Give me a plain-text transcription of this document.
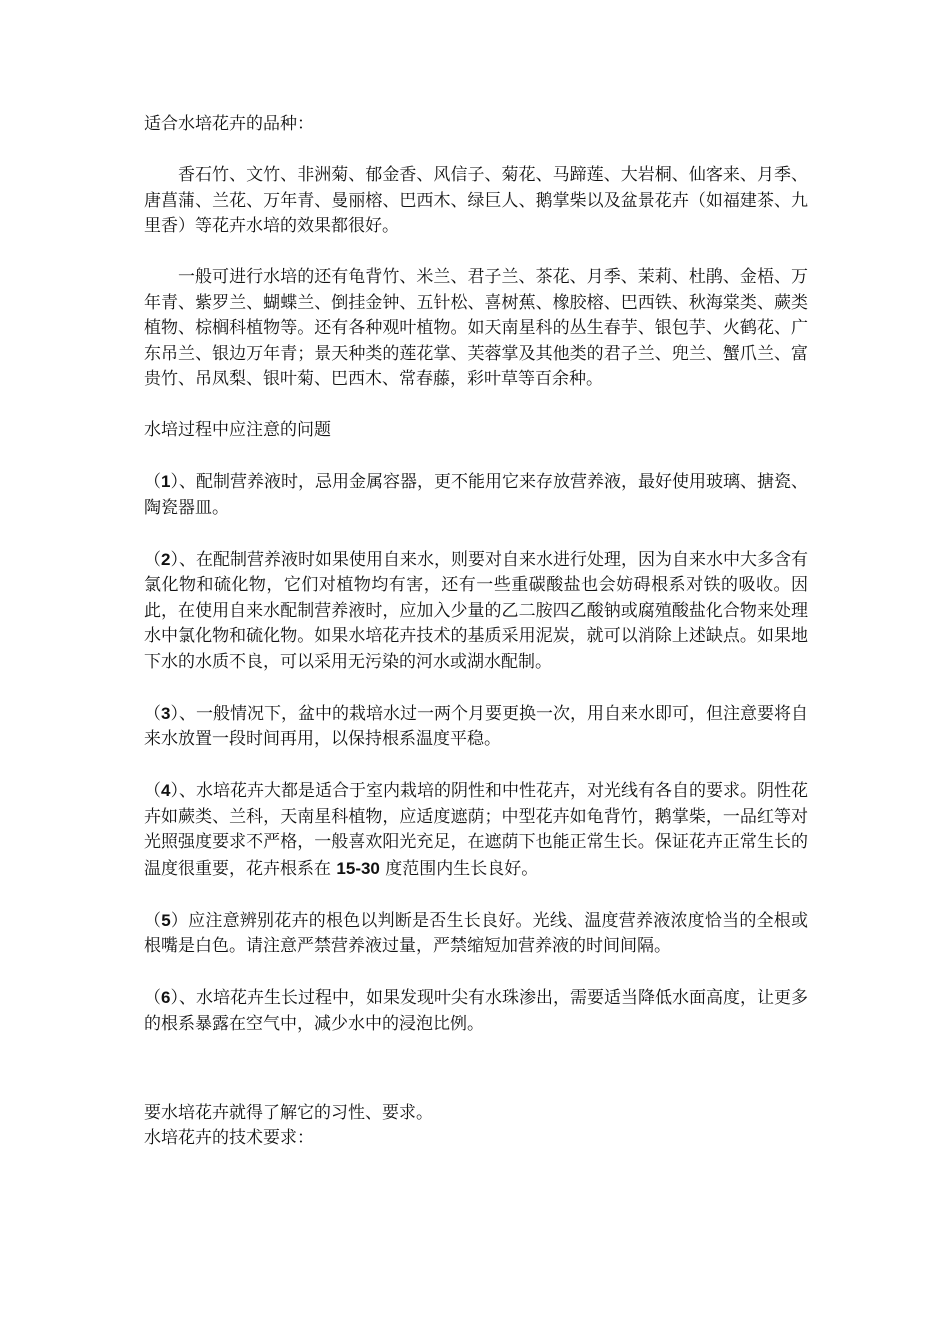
适合水培花卉的品种：

香石竹、文竹、非洲菊、郁金香、风信子、菊花、马蹄莲、大岩桐、仙客来、月季、唐菖蒲、兰花、万年青、曼丽榕、巴西木、绿巨人、鹅掌柴以及盆景花卉（如福建茶、九里香）等花卉水培的效果都很好。

一般可进行水培的还有龟背竹、米兰、君子兰、茶花、月季、茉莉、杜鹃、金梧、万年青、紫罗兰、蝴蝶兰、倒挂金钟、五针松、喜树蕉、橡胶榕、巴西铁、秋海棠类、蕨类植物、棕榈科植物等。还有各种观叶植物。如天南星科的丛生春芋、银包芋、火鹤花、广东吊兰、银边万年青；景天种类的莲花掌、芙蓉掌及其他类的君子兰、兜兰、蟹爪兰、富贵竹、吊凤梨、银叶菊、巴西木、常春藤，彩叶草等百余种。

水培过程中应注意的问题

（1）、配制营养液时，忌用金属容器，更不能用它来存放营养液，最好使用玻璃、搪瓷、陶瓷器皿。

（2）、在配制营养液时如果使用自来水，则要对自来水进行处理，因为自来水中大多含有氯化物和硫化物，它们对植物均有害，还有一些重碳酸盐也会妨碍根系对铁的吸收。因此，在使用自来水配制营养液时，应加入少量的乙二胺四乙酸钠或腐殖酸盐化合物来处理水中氯化物和硫化物。如果水培花卉技术的基质采用泥炭，就可以消除上述缺点。如果地下水的水质不良，可以采用无污染的河水或湖水配制。

（3）、一般情况下，盆中的栽培水过一两个月要更换一次，用自来水即可，但注意要将自来水放置一段时间再用，以保持根系温度平稳。

（4）、水培花卉大都是适合于室内栽培的阴性和中性花卉，对光线有各自的要求。阴性花卉如蕨类、兰科，天南星科植物，应适度遮荫；中型花卉如龟背竹，鹅掌柴，一品红等对光照强度要求不严格，一般喜欢阳光充足，在遮荫下也能正常生长。保证花卉正常生长的温度很重要，花卉根系在 15-30 度范围内生长良好。

（5）应注意辨别花卉的根色以判断是否生长良好。光线、温度营养液浓度恰当的全根或根嘴是白色。请注意严禁营养液过量，严禁缩短加营养液的时间间隔。

（6）、水培花卉生长过程中，如果发现叶尖有水珠渗出，需要适当降低水面高度，让更多的根系暴露在空气中，减少水中的浸泡比例。

要水培花卉就得了解它的习性、要求。

水培花卉的技术要求：
